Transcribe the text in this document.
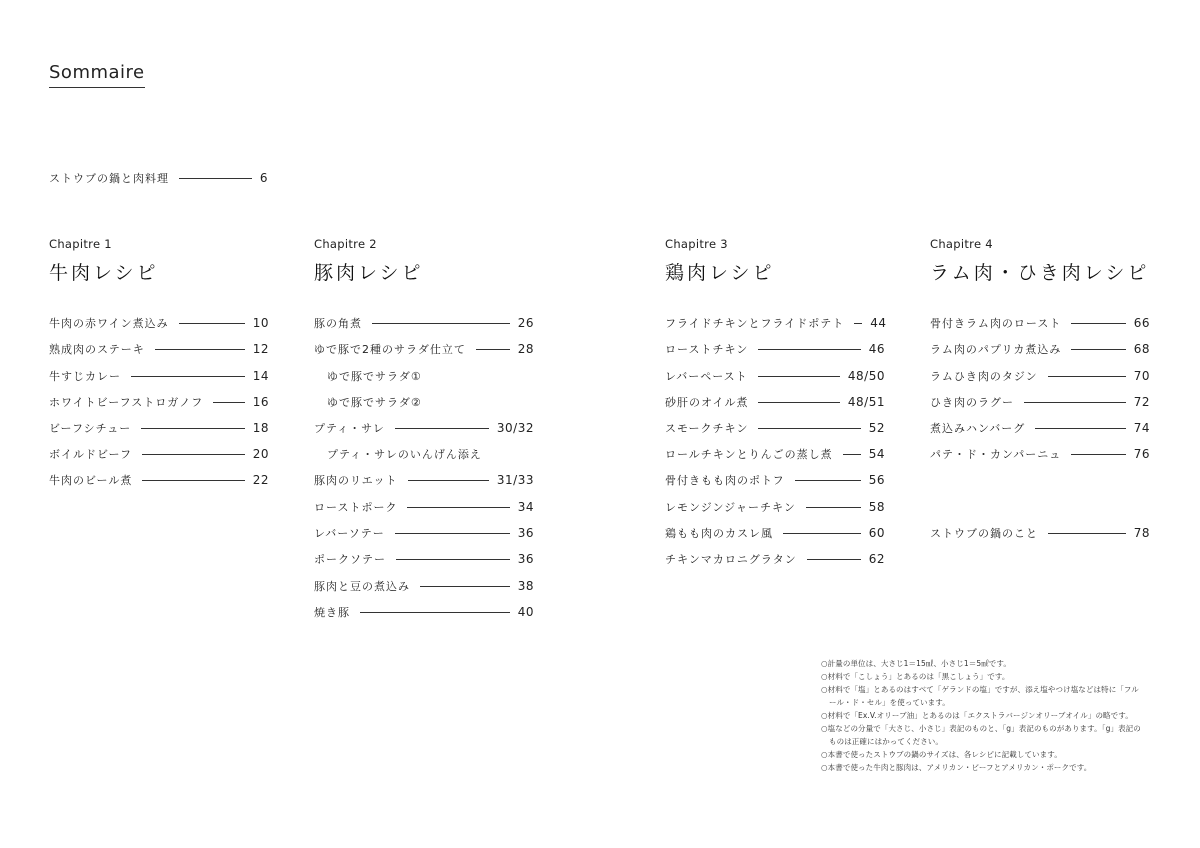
Sommaire
ストウブの鍋と肉料理	6
Chapitre 1
牛肉レシピ
Chapitre 2
豚肉レシピ
Chapitre 3
鶏肉レシピ
Chapitre 4
ラム肉・ひき肉レシピ
牛肉の赤ワイン煮込み	10
熟成肉のステーキ	12
牛すじカレー	14
ホワイトビーフストロガノフ	16
ビーフシチュー	18
ボイルドビーフ	20
牛肉のビール煮	22
豚の角煮	26
ゆで豚で2種のサラダ仕立て	28
ゆで豚でサラダ①
ゆで豚でサラダ②
プティ・サレ	30/32
プティ・サレのいんげん添え
豚肉のリエット	31/33
ローストポーク	34
レバーソテー	36
ポークソテー	36
豚肉と豆の煮込み	38
焼き豚	40
フライドチキンとフライドポテト 44
ローストチキン	46
レバーペースト	48/50
砂肝のオイル煮	48/51
スモークチキン	52
ロールチキンとりんごの蒸し煮	54
骨付きもも肉のポトフ	56
レモンジンジャーチキン	58
鶏もも肉のカスレ風	60
チキンマカロニグラタン	62
骨付きラム肉のロースト	66
ラム肉のパプリカ煮込み	68
ラムひき肉のタジン	70
ひき肉のラグー	72
煮込みハンバーグ	74
パテ・ド・カンパーニュ	76
ストウブの鍋のこと	78
○計量の単位は、大さじ1＝15㎖、小さじ1＝5㎖です。
○材料で「こしょう」とあるのは「黒こしょう」です。
○材料で「塩」とあるのはすべて「ゲランドの塩」ですが、添え塩やつけ塩などは特に「フル
ール・ド・セル」を使っています。
○材料で「Ex.V.オリーブ油」とあるのは「エクストラバージンオリーブオイル」の略です。
○塩などの分量で「大さじ、小さじ」表記のものと、「g」表記のものがあります。「g」表記の
ものは正確にはかってください。
○本書で使ったストウブの鍋のサイズは、各レシピに記載しています。
○本書で使った牛肉と豚肉は、アメリカン・ビーフとアメリカン・ポークです。
